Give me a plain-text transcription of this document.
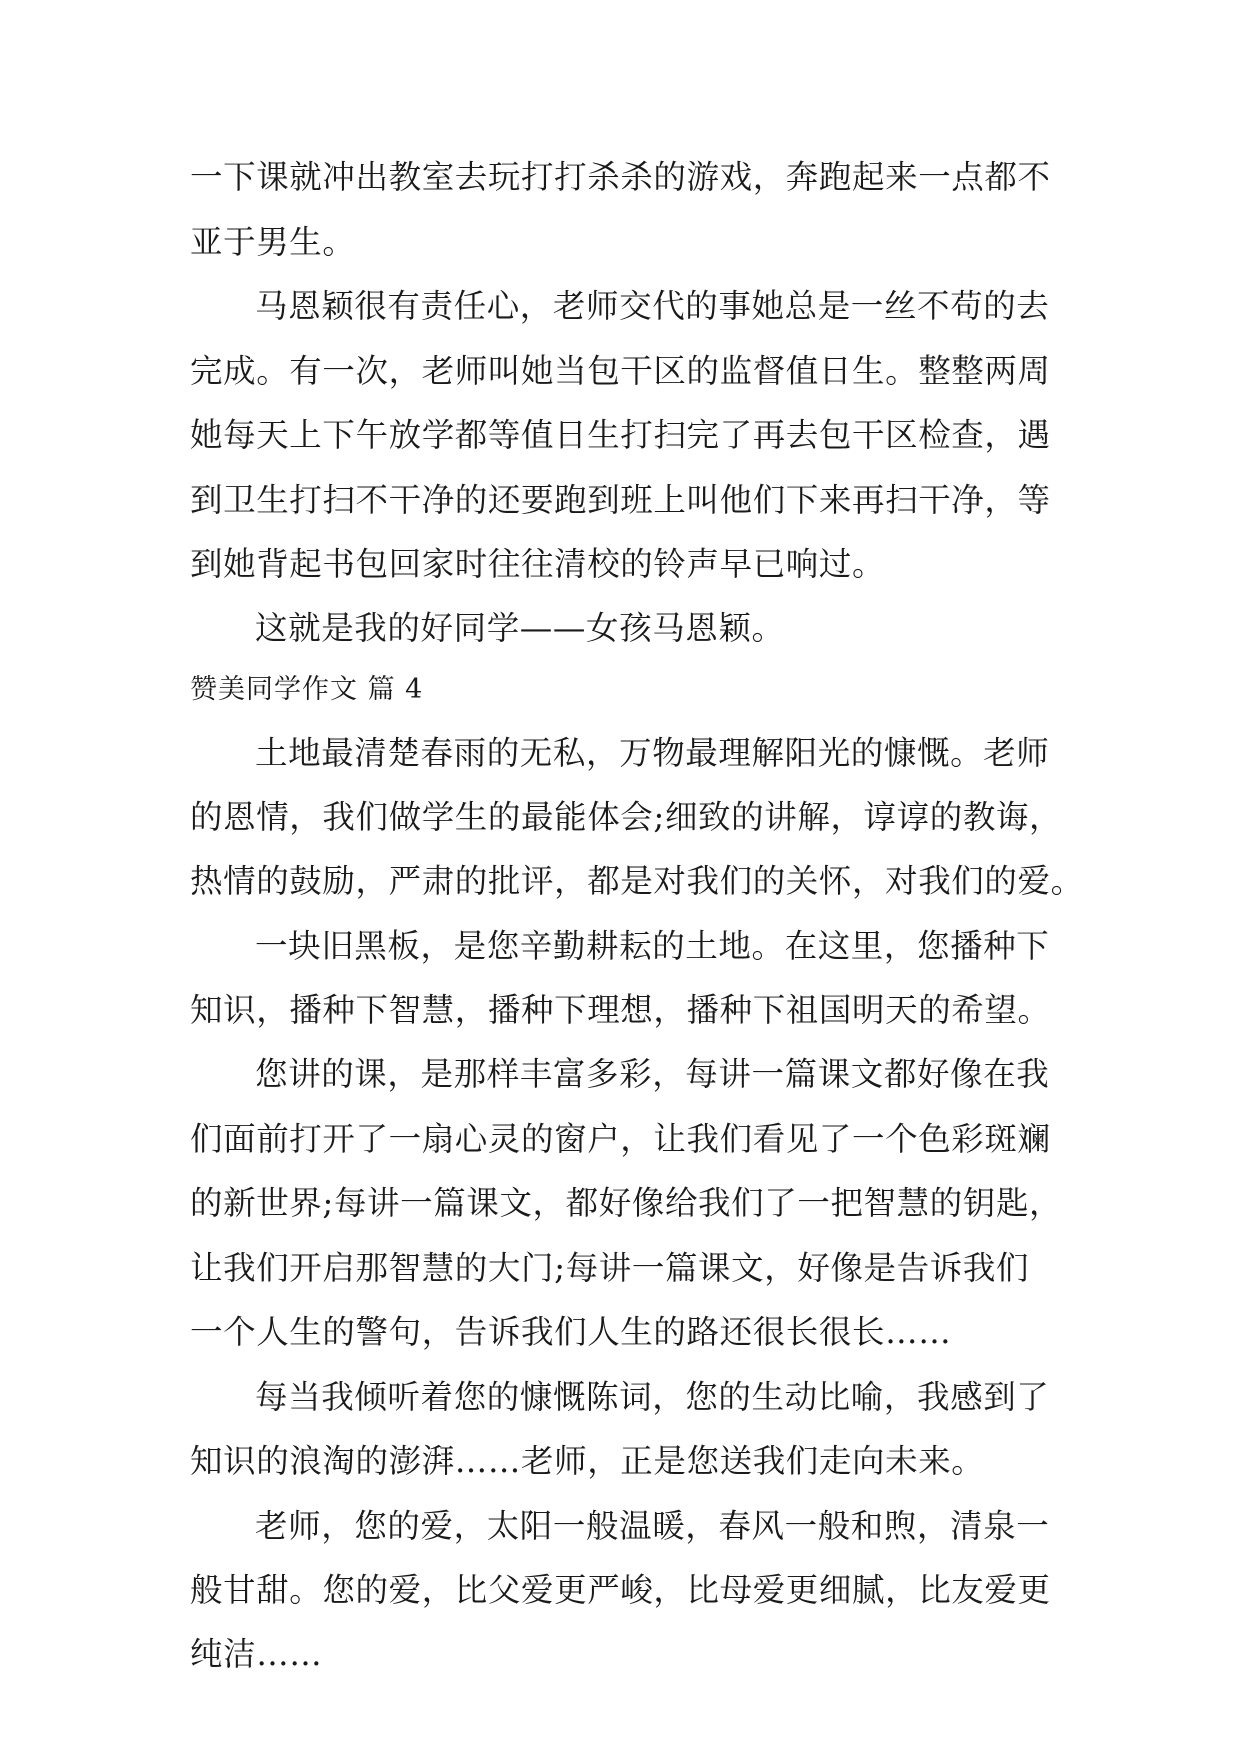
一下课就冲出教室去玩打打杀杀的游戏，奔跑起来一点都不
亚于男生。
马恩颖很有责任心，老师交代的事她总是一丝不苟的去
完成。有一次，老师叫她当包干区的监督值日生。整整两周
她每天上下午放学都等值日生打扫完了再去包干区检查，遇
到卫生打扫不干净的还要跑到班上叫他们下来再扫干净，等
到她背起书包回家时往往清校的铃声早已响过。
这就是我的好同学——女孩马恩颖。
赞美同学作文 篇 4
土地最清楚春雨的无私，万物最理解阳光的慷慨。老师
的恩情，我们做学生的最能体会;细致的讲解，谆谆的教诲，
热情的鼓励，严肃的批评，都是对我们的关怀，对我们的爱。
一块旧黑板，是您辛勤耕耘的土地。在这里，您播种下
知识，播种下智慧，播种下理想，播种下祖国明天的希望。
您讲的课，是那样丰富多彩，每讲一篇课文都好像在我
们面前打开了一扇心灵的窗户，让我们看见了一个色彩斑斓
的新世界;每讲一篇课文，都好像给我们了一把智慧的钥匙，
让我们开启那智慧的大门;每讲一篇课文，好像是告诉我们
一个人生的警句，告诉我们人生的路还很长很长……
每当我倾听着您的慷慨陈词，您的生动比喻，我感到了
知识的浪淘的澎湃……老师，正是您送我们走向未来。
老师，您的爱，太阳一般温暖，春风一般和煦，清泉一
般甘甜。您的爱，比父爱更严峻，比母爱更细腻，比友爱更
纯洁……
